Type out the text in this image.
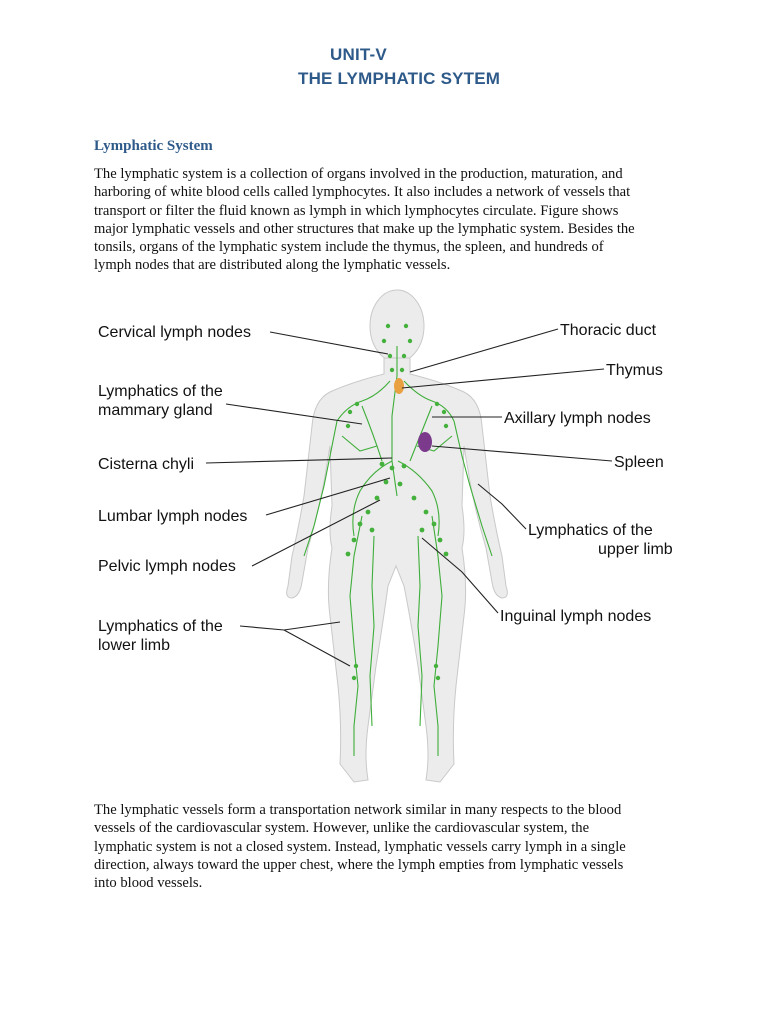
UNIT-V
THE LYMPHATIC SYTEM
Lymphatic System
The lymphatic system is a collection of organs involved in the production, maturation, and
harboring of white blood cells called lymphocytes. It also includes a network of vessels that
transport or filter the fluid known as lymph in which lymphocytes circulate. Figure shows
major lymphatic vessels and other structures that make up the lymphatic system. Besides the
tonsils, organs of the lymphatic system include the thymus, the spleen, and hundreds of
lymph nodes that are distributed along the lymphatic vessels.
Cervical lymph nodes	Thoracic duct
Thymus
Lymphatics of the
mammary gland	Axillary lymph nodes
Cisterna chyli	Spleen
Lumbar lymph nodes
Lymphatics of the
upper limb
Pelvic lymph nodes
Inguinal lymph nodes
Lymphatics of the
lower limb
The lymphatic vessels form a transportation network similar in many respects to the blood
vessels of the cardiovascular system. However, unlike the cardiovascular system, the
lymphatic system is not a closed system. Instead, lymphatic vessels carry lymph in a single
direction, always toward the upper chest, where the lymph empties from lymphatic vessels
into blood vessels.
